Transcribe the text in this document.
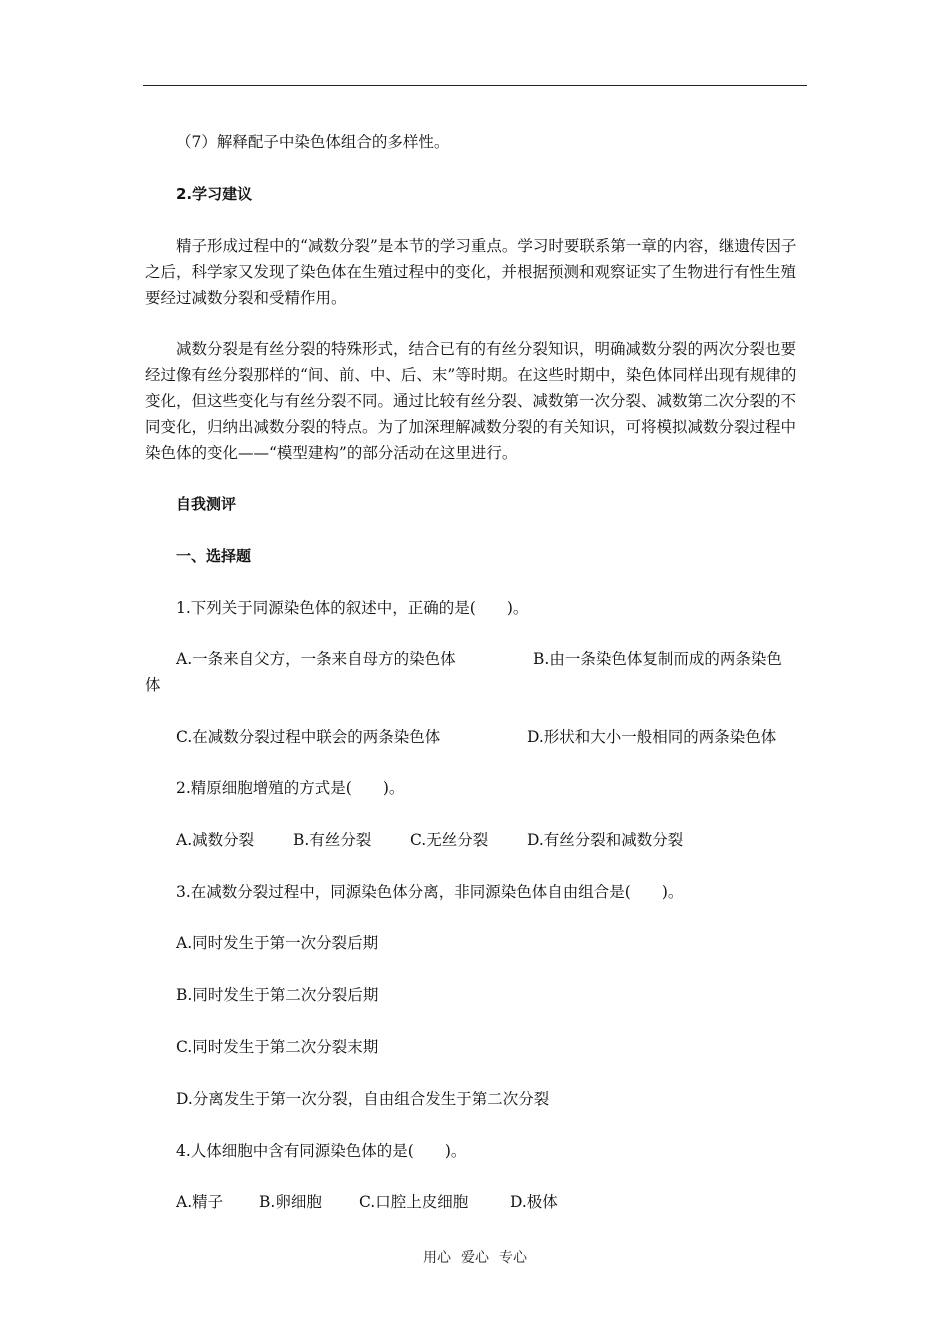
（7）解释配子中染色体组合的多样性。
2.学习建议
精子形成过程中的“减数分裂”是本节的学习重点。学习时要联系第一章的内容，继遗传因子之后，科学家又发现了染色体在生殖过程中的变化，并根据预测和观察证实了生物进行有性生殖要经过减数分裂和受精作用。
减数分裂是有丝分裂的特殊形式，结合已有的有丝分裂知识，明确减数分裂的两次分裂也要经过像有丝分裂那样的“间、前、中、后、末”等时期。在这些时期中，染色体同样出现有规律的变化，但这些变化与有丝分裂不同。通过比较有丝分裂、减数第一次分裂、减数第二次分裂的不同变化，归纳出减数分裂的特点。为了加深理解减数分裂的有关知识，可将模拟减数分裂过程中染色体的变化——“模型建构”的部分活动在这里进行。
自我测评
一、选择题
1.下列关于同源染色体的叙述中，正确的是(　　)。
A.一条来自父方，一条来自母方的染色体	B.由一条染色体复制而成的两条染色
体
C.在减数分裂过程中联会的两条染色体	D.形状和大小一般相同的两条染色体
2.精原细胞增殖的方式是(　　)。
A.减数分裂	B.有丝分裂 C.无丝分裂	D.有丝分裂和减数分裂
3.在减数分裂过程中，同源染色体分离，非同源染色体自由组合是(　　)。
A.同时发生于第一次分裂后期
B.同时发生于第二次分裂后期
C.同时发生于第二次分裂末期
D.分离发生于第一次分裂，自由组合发生于第二次分裂
4.人体细胞中含有同源染色体的是(　　)。
A.精子 B.卵细胞 C.口腔上皮细胞	D.极体
用心 爱心 专心
